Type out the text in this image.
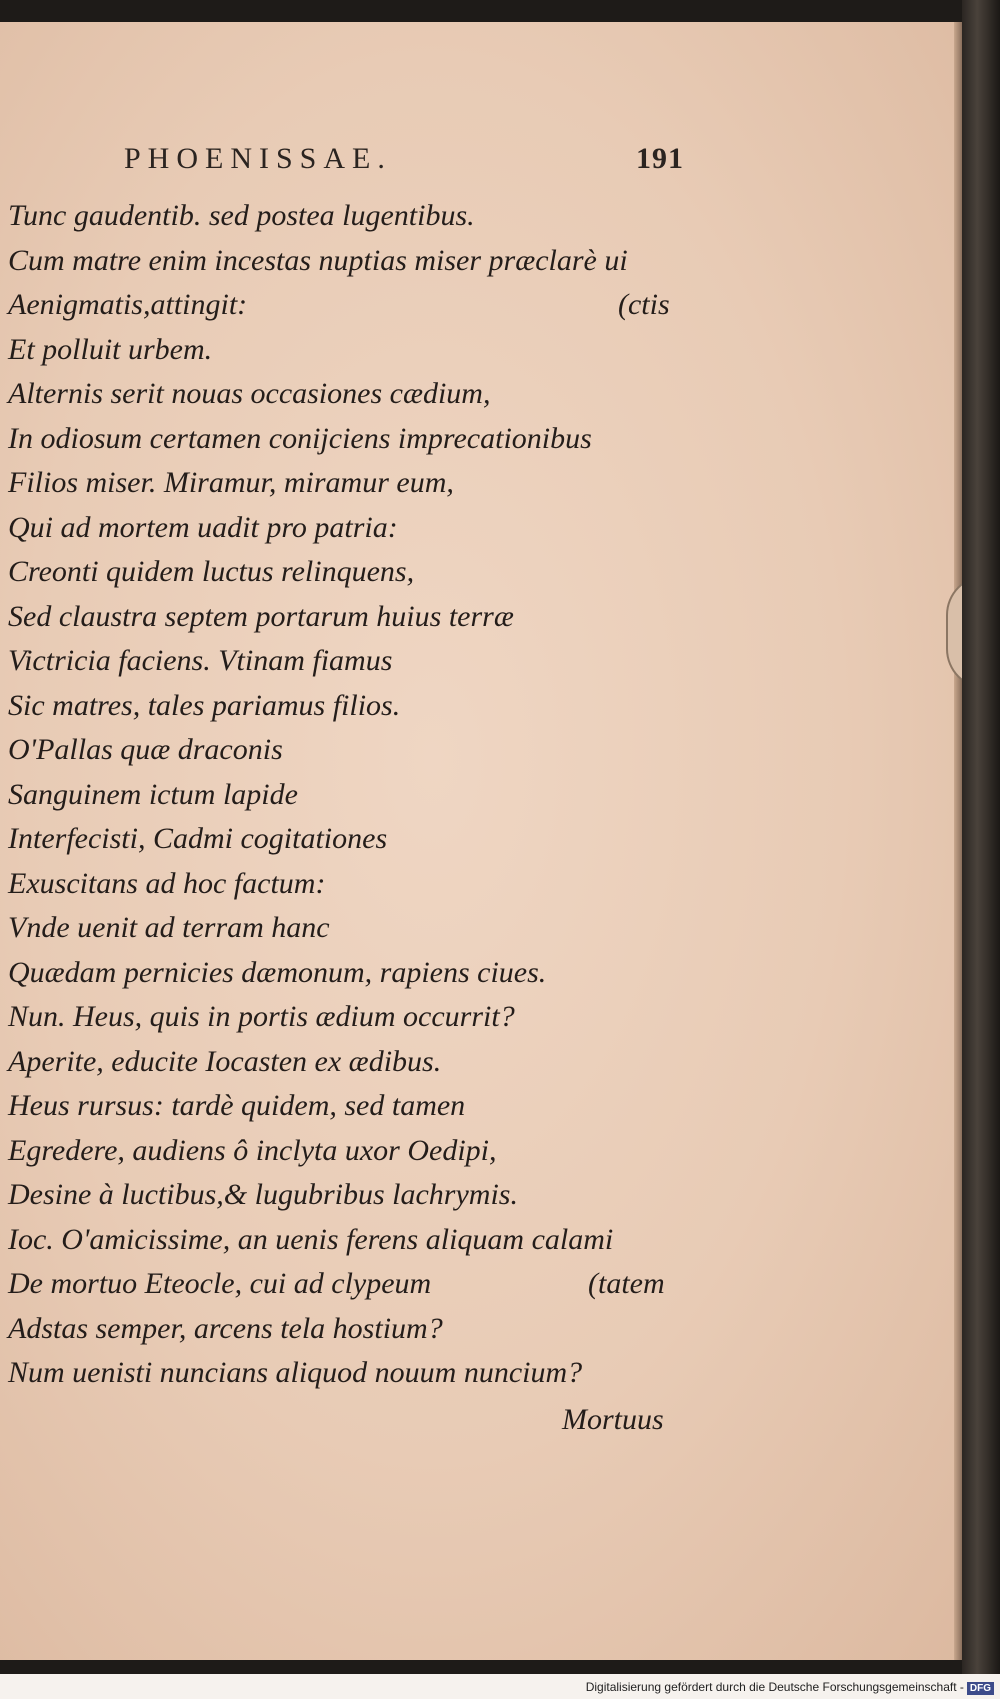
PHOENISSAE.	191
Tunc gaudentib. sed postea lugentibus.
Cum matre enim incestas nuptias miser præclarè ui
Aenigmatis,attingit:	(ctis
Et polluit urbem.
Alternis serit nouas occasiones cædium,
In odiosum certamen conijciens imprecationibus
Filios miser. Miramur, miramur eum,
Qui ad mortem uadit pro patria:
Creonti quidem luctus relinquens,
Sed claustra septem portarum huius terræ
Victricia faciens. Vtinam fiamus
Sic matres, tales pariamus filios.
O'Pallas quæ draconis
Sanguinem ictum lapide
Interfecisti, Cadmi cogitationes
Exuscitans ad hoc factum:
Vnde uenit ad terram hanc
Quædam pernicies dæmonum, rapiens ciues.
Nun. Heus, quis in portis ædium occurrit?
Aperite, educite Iocasten ex ædibus.
Heus rursus: tardè quidem, sed tamen
Egredere, audiens ô inclyta uxor Oedipi,
Desine à luctibus,& lugubribus lachrymis.
Ioc. O'amicissime, an uenis ferens aliquam calami
De mortuo Eteocle, cui ad clypeum	(tatem
Adstas semper, arcens tela hostium?
Num uenisti nuncians aliquod nouum nuncium?
Mortuus
Digitalisierung gefördert durch die Deutsche Forschungsgemeinschaft - DFG
